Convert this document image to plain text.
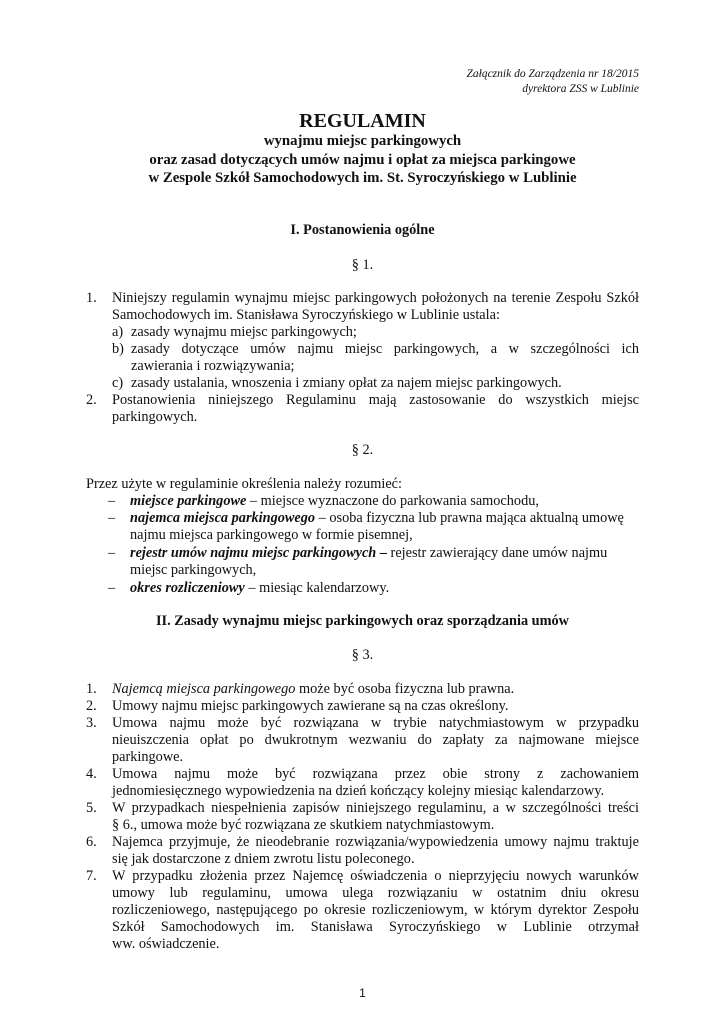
Załącznik do Zarządzenia nr 18/2015
dyrektora ZSS w Lublinie
REGULAMIN
wynajmu miejsc parkingowych
oraz zasad dotyczących umów najmu i opłat za miejsca parkingowe
w Zespole Szkół Samochodowych im. St. Syroczyńskiego w Lublinie
I. Postanowienia ogólne
§ 1.
1. Niniejszy regulamin wynajmu miejsc parkingowych położonych na terenie Zespołu Szkół
Samochodowych im. Stanisława Syroczyńskiego w Lublinie ustala:
a) zasady wynajmu miejsc parkingowych;
b) zasady dotyczące umów najmu miejsc parkingowych, a w szczególności ich
zawierania i rozwiązywania;
c) zasady ustalania, wnoszenia i zmiany opłat za najem miejsc parkingowych.
2. Postanowienia niniejszego Regulaminu mają zastosowanie do wszystkich miejsc
parkingowych.
§ 2.
Przez użyte w regulaminie określenia należy rozumieć:
– miejsce parkingowe – miejsce wyznaczone do parkowania samochodu,
– najemca miejsca parkingowego – osoba fizyczna lub prawna mająca aktualną umowę
najmu miejsca parkingowego w formie pisemnej,
– rejestr umów najmu miejsc parkingowych – rejestr zawierający dane umów najmu
miejsc parkingowych,
– okres rozliczeniowy – miesiąc kalendarzowy.
II. Zasady wynajmu miejsc parkingowych oraz sporządzania umów
§ 3.
1. Najemcą miejsca parkingowego może być osoba fizyczna lub prawna.
2. Umowy najmu miejsc parkingowych zawierane są na czas określony.
3. Umowa najmu może być rozwiązana w trybie natychmiastowym w przypadku
nieuiszczenia opłat po dwukrotnym wezwaniu do zapłaty za najmowane miejsce
parkingowe.
4. Umowa najmu może być rozwiązana przez obie strony z zachowaniem
jednomiesięcznego wypowiedzenia na dzień kończący kolejny miesiąc kalendarzowy.
5. W przypadkach niespełnienia zapisów niniejszego regulaminu, a w szczególności treści
§ 6., umowa może być rozwiązana ze skutkiem natychmiastowym.
6. Najemca przyjmuje, że nieodebranie rozwiązania/wypowiedzenia umowy najmu traktuje
się jak dostarczone z dniem zwrotu listu poleconego.
7. W przypadku złożenia przez Najemcę oświadczenia o nieprzyjęciu nowych warunków
umowy lub regulaminu, umowa ulega rozwiązaniu w ostatnim dniu okresu
rozliczeniowego, następującego po okresie rozliczeniowym, w którym dyrektor Zespołu
Szkół Samochodowych im. Stanisława Syroczyńskiego w Lublinie otrzymał
ww. oświadczenie.
1
